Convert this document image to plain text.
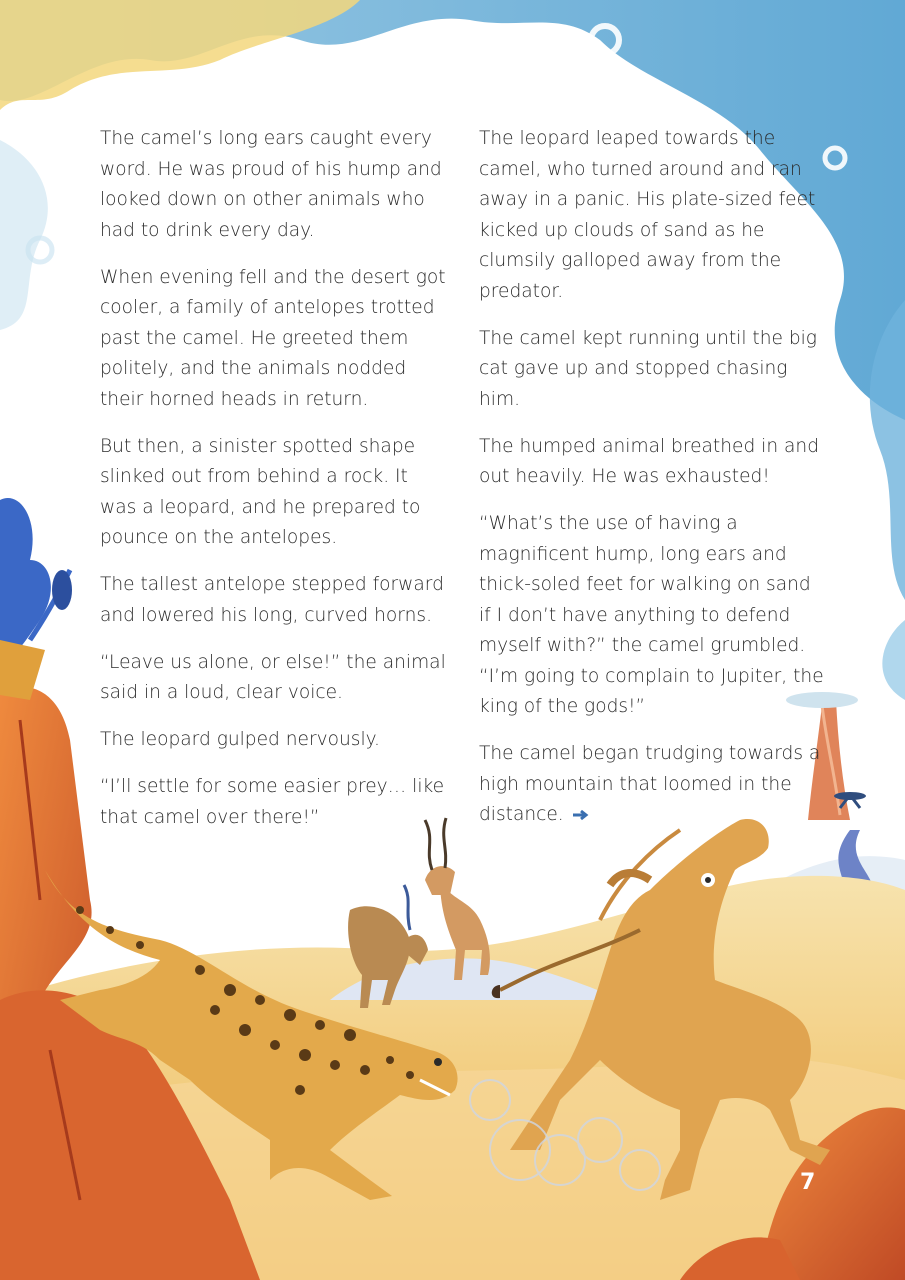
The camel’s long ears caught every word. He was proud of his hump and looked down on other animals who had to drink every day.

When evening fell and the desert got cooler, a family of antelopes trotted past the camel. He greeted them politely, and the animals nodded their horned heads in return.

But then, a sinister spotted shape slinked out from behind a rock. It was a leopard, and he prepared to pounce on the antelopes.

The tallest antelope stepped forward and lowered his long, curved horns.

“Leave us alone, or else!” the animal said in a loud, clear voice.

The leopard gulped nervously.

“I’ll settle for some easier prey… like that camel over there!”

The leopard leaped towards the camel, who turned around and ran away in a panic. His plate-sized feet kicked up clouds of sand as he clumsily galloped away from the predator.

The camel kept running until the big cat gave up and stopped chasing him.

The humped animal breathed in and out heavily. He was exhausted!

“What’s the use of having a magnificent hump, long ears and thick-soled feet for walking on sand if I don’t have anything to defend myself with?” the camel grumbled. “I’m going to complain to Jupiter, the king of the gods!”

The camel began trudging towards a high mountain that loomed in the distance.

7
